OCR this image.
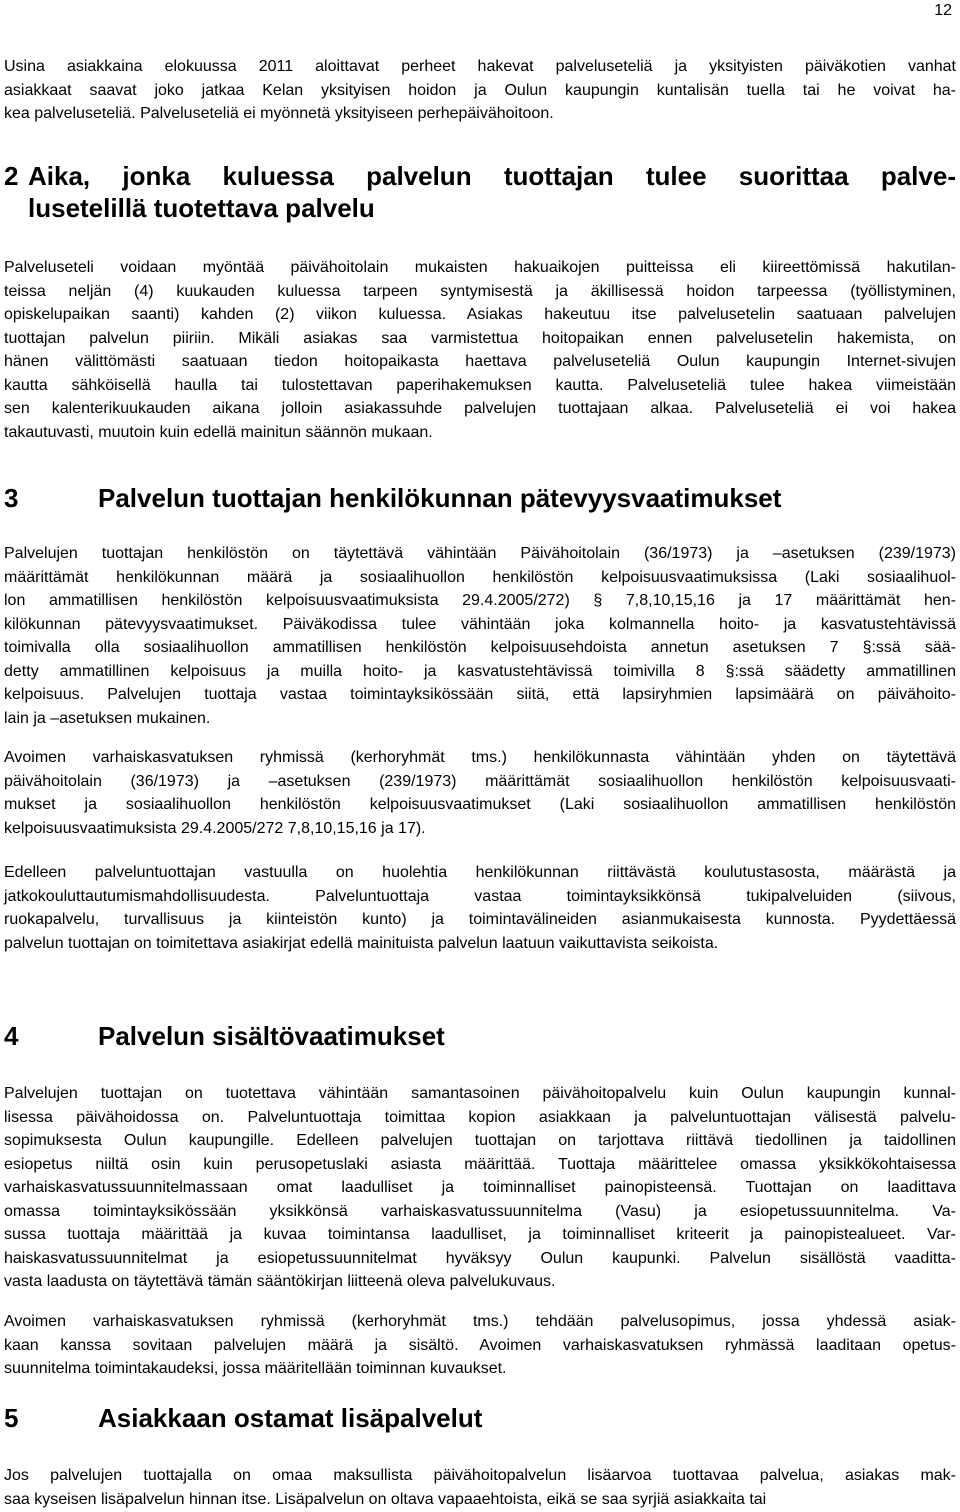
12

Usina asiakkaina elokuussa 2011 aloittavat perheet hakevat palveluseteliä ja yksityisten päiväkotien vanhat
asiakkaat saavat joko jatkaa Kelan yksityisen hoidon ja Oulun kaupungin kuntalisän tuella tai he voivat ha-
kea palveluseteliä. Palveluseteliä ei myönnetä yksityiseen perhepäivähoitoon.

2 Aika, jonka kuluessa palvelun tuottajan tulee suorittaa palve-
lusetelillä tuotettava palvelu

Palveluseteli voidaan myöntää päivähoitolain mukaisten hakuaikojen puitteissa eli kiireettömissä hakutilan-
teissa neljän (4) kuukauden kuluessa tarpeen syntymisestä ja äkillisessä hoidon tarpeessa (työllistyminen,
opiskelupaikan saanti) kahden (2) viikon kuluessa. Asiakas hakeutuu itse palvelusetelin saatuaan palvelujen
tuottajan palvelun piiriin. Mikäli asiakas saa varmistettua hoitopaikan ennen palvelusetelin hakemista, on
hänen välittömästi saatuaan tiedon hoitopaikasta haettava palveluseteliä Oulun kaupungin Internet-sivujen
kautta sähköisellä haulla tai tulostettavan paperihakemuksen kautta. Palveluseteliä tulee hakea viimeistään
sen kalenterikuukauden aikana jolloin asiakassuhde palvelujen tuottajaan alkaa. Palveluseteliä ei voi hakea
takautuvasti, muutoin kuin edellä mainitun säännön mukaan.

3	Palvelun tuottajan henkilökunnan pätevyysvaatimukset

Palvelujen tuottajan henkilöstön on täytettävä vähintään Päivähoitolain (36/1973) ja –asetuksen (239/1973)
määrittämät henkilökunnan määrä ja sosiaalihuollon henkilöstön kelpoisuusvaatimuksissa (Laki sosiaalihuol-
lon ammatillisen henkilöstön kelpoisuusvaatimuksista 29.4.2005/272) § 7,8,10,15,16 ja 17 määrittämät hen-
kilökunnan pätevyysvaatimukset. Päiväkodissa tulee vähintään joka kolmannella hoito- ja kasvatustehtävissä
toimivalla olla sosiaalihuollon ammatillisen henkilöstön kelpoisuusehdoista annetun asetuksen 7 §:ssä sää-
detty ammatillinen kelpoisuus ja muilla hoito- ja kasvatustehtävissä toimivilla 8 §:ssä säädetty ammatillinen
kelpoisuus. Palvelujen tuottaja vastaa toimintayksikössään siitä, että lapsiryhmien lapsimäärä on päivähoito-
lain ja –asetuksen mukainen.

Avoimen varhaiskasvatuksen ryhmissä (kerhoryhmät tms.) henkilökunnasta vähintään yhden on täytettävä
päivähoitolain (36/1973) ja –asetuksen (239/1973) määrittämät sosiaalihuollon henkilöstön kelpoisuusvaati-
mukset ja sosiaalihuollon henkilöstön kelpoisuusvaatimukset (Laki sosiaalihuollon ammatillisen henkilöstön
kelpoisuusvaatimuksista 29.4.2005/272 7,8,10,15,16 ja 17).

Edelleen palveluntuottajan vastuulla on huolehtia henkilökunnan riittävästä koulutustasosta, määrästä ja
jatkokouluttautumismahdollisuudesta. Palveluntuottaja vastaa toimintayksikkönsä tukipalveluiden (siivous,
ruokapalvelu, turvallisuus ja kiinteistön kunto) ja toimintavälineiden asianmukaisesta kunnosta. Pyydettäessä
palvelun tuottajan on toimitettava asiakirjat edellä mainituista palvelun laatuun vaikuttavista seikoista.

4	Palvelun sisältövaatimukset

Palvelujen tuottajan on tuotettava vähintään samantasoinen päivähoitopalvelu kuin Oulun kaupungin kunnal-
lisessa päivähoidossa on. Palveluntuottaja toimittaa kopion asiakkaan ja palveluntuottajan välisestä palvelu-
sopimuksesta Oulun kaupungille. Edelleen palvelujen tuottajan on tarjottava riittävä tiedollinen ja taidollinen
esiopetus niiltä osin kuin perusopetuslaki asiasta määrittää. Tuottaja määrittelee omassa yksikkökohtaisessa
varhaiskasvatussuunnitelmassaan omat laadulliset ja toiminnalliset painopisteensä. Tuottajan on laadittava
omassa toimintayksikössään yksikkönsä varhaiskasvatussuunnitelma (Vasu) ja esiopetussuunnitelma. Va-
sussa tuottaja määrittää ja kuvaa toimintansa laadulliset, ja toiminnalliset kriteerit ja painopistealueet. Var-
haiskasvatussuunnitelmat ja esiopetussuunnitelmat hyväksyy Oulun kaupunki. Palvelun sisällöstä vaadittа-
vasta laadusta on täytettävä tämän sääntökirjan liitteenä oleva palvelukuvaus.

Avoimen varhaiskasvatuksen ryhmissä (kerhoryhmät tms.) tehdään palvelusopimus, jossa yhdessä asiak-
kaan kanssa sovitaan palvelujen määrä ja sisältö. Avoimen varhaiskasvatuksen ryhmässä laaditaan opetus-
suunnitelma toimintakaudeksi, jossa määritellään toiminnan kuvaukset.

5	Asiakkaan ostamat lisäpalvelut

Jos palvelujen tuottajalla on omaa maksullista päivähoitopalvelun lisäarvoa tuottavaa palvelua, asiakas mak-
saa kyseisen lisäpalvelun hinnan itse. Lisäpalvelun on oltava vapaaehtoista, eikä se saa syrjiä asiakkaita tai
